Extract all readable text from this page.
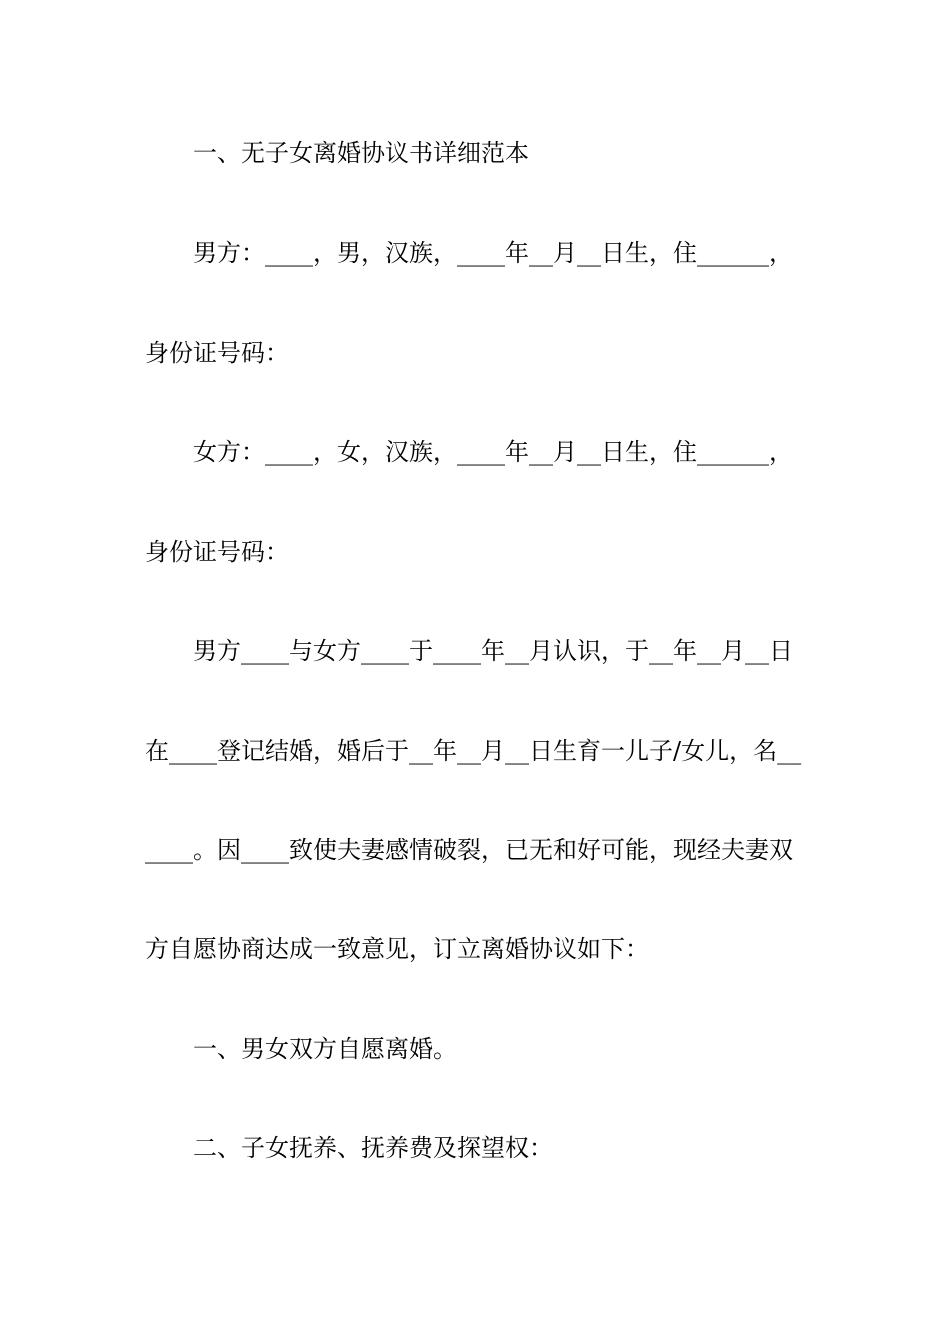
一、无子女离婚协议书详细范本
男方：____，男，汉族，____年__月__日生，住______，
身份证号码：
女方：____，女，汉族，____年__月__日生，住______，
身份证号码：
男方____与女方____于____年__月认识，于__年__月__日
在____登记结婚，婚后于__年__月__日生育一儿子/女儿，名__
____。因____致使夫妻感情破裂，已无和好可能，现经夫妻双
方自愿协商达成一致意见，订立离婚协议如下：
一、男女双方自愿离婚。
二、子女抚养、抚养费及探望权：
